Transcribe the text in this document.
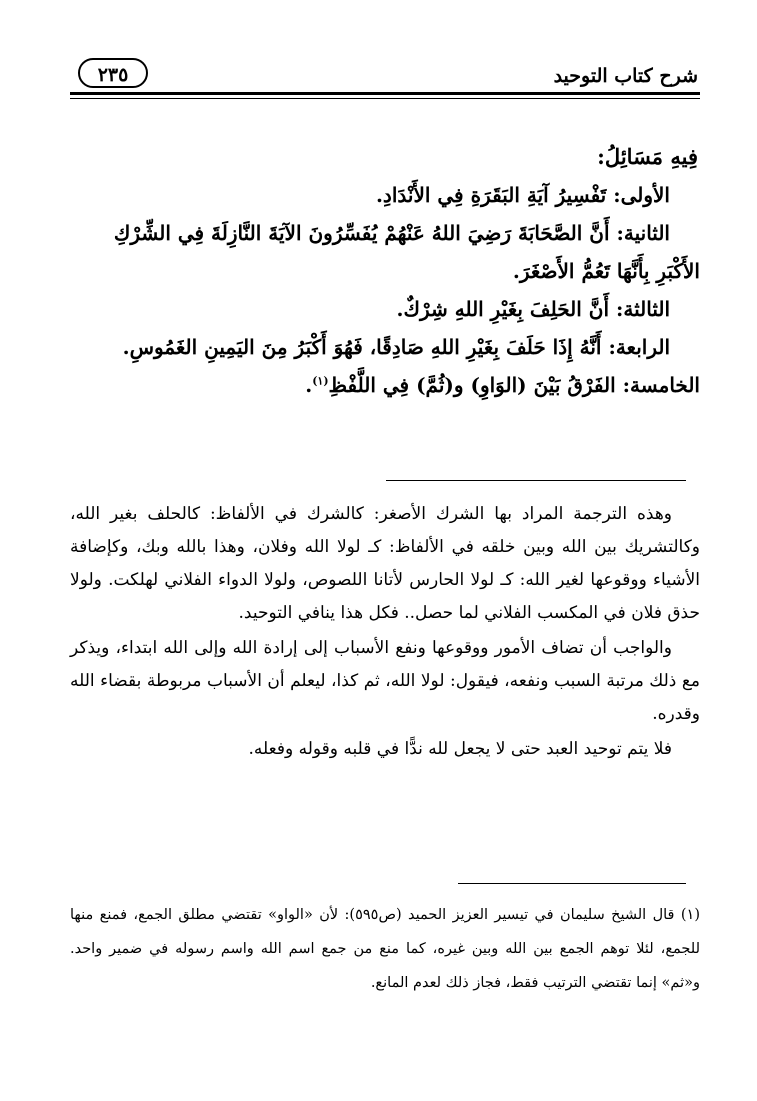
شرح كتاب التوحيد
٢٣٥

فِيهِ مَسَائِلُ:

الأولى: تَفْسِيرُ آيَةِ البَقَرَةِ فِي الأَنْدَادِ.

الثانية: أَنَّ الصَّحَابَةَ رَضِيَ اللهُ عَنْهُمْ يُفَسِّرُونَ الآيَةَ النَّازِلَةَ فِي الشِّرْكِ الأَكْبَرِ بِأَنَّهَا تَعُمُّ الأَصْغَرَ.

الثالثة: أَنَّ الحَلِفَ بِغَيْرِ اللهِ شِرْكٌ.

الرابعة: أَنَّهُ إِذَا حَلَفَ بِغَيْرِ اللهِ صَادِقًا، فَهُوَ أَكْبَرُ مِنَ اليَمِينِ الغَمُوسِ.

الخامسة: الفَرْقُ بَيْنَ (الوَاوِ) و(ثُمَّ) فِي اللَّفْظِ$^{(١)}$.

وهذه الترجمة المراد بها الشرك الأصغر: كالشرك في الألفاظ: كالحلف بغير الله، وكالتشريك بين الله وبين خلقه في الألفاظ: كـ لولا الله وفلان، وهذا بالله وبك، وكإضافة الأشياء ووقوعها لغير الله: كـ لولا الحارس لأتانا اللصوص، ولولا الدواء الفلاني لهلكت. ولولا حذق فلان في المكسب الفلاني لما حصل.. فكل هذا ينافي التوحيد.

والواجب أن تضاف الأمور ووقوعها ونفع الأسباب إلى إرادة الله وإلى الله ابتداء، ويذكر مع ذلك مرتبة السبب ونفعه، فيقول: لولا الله، ثم كذا، ليعلم أن الأسباب مربوطة بقضاء الله وقدره.

فلا يتم توحيد العبد حتى لا يجعل لله ندًّا في قلبه وقوله وفعله.

(١) قال الشيخ سليمان في تيسير العزيز الحميد (ص٥٩٥): لأن «الواو» تقتضي مطلق الجمع، فمنع منها للجمع، لئلا توهم الجمع بين الله وبين غيره، كما منع من جمع اسم الله واسم رسوله في ضمير واحد. و«ثم» إنما تقتضي الترتيب فقط، فجاز ذلك لعدم المانع.
